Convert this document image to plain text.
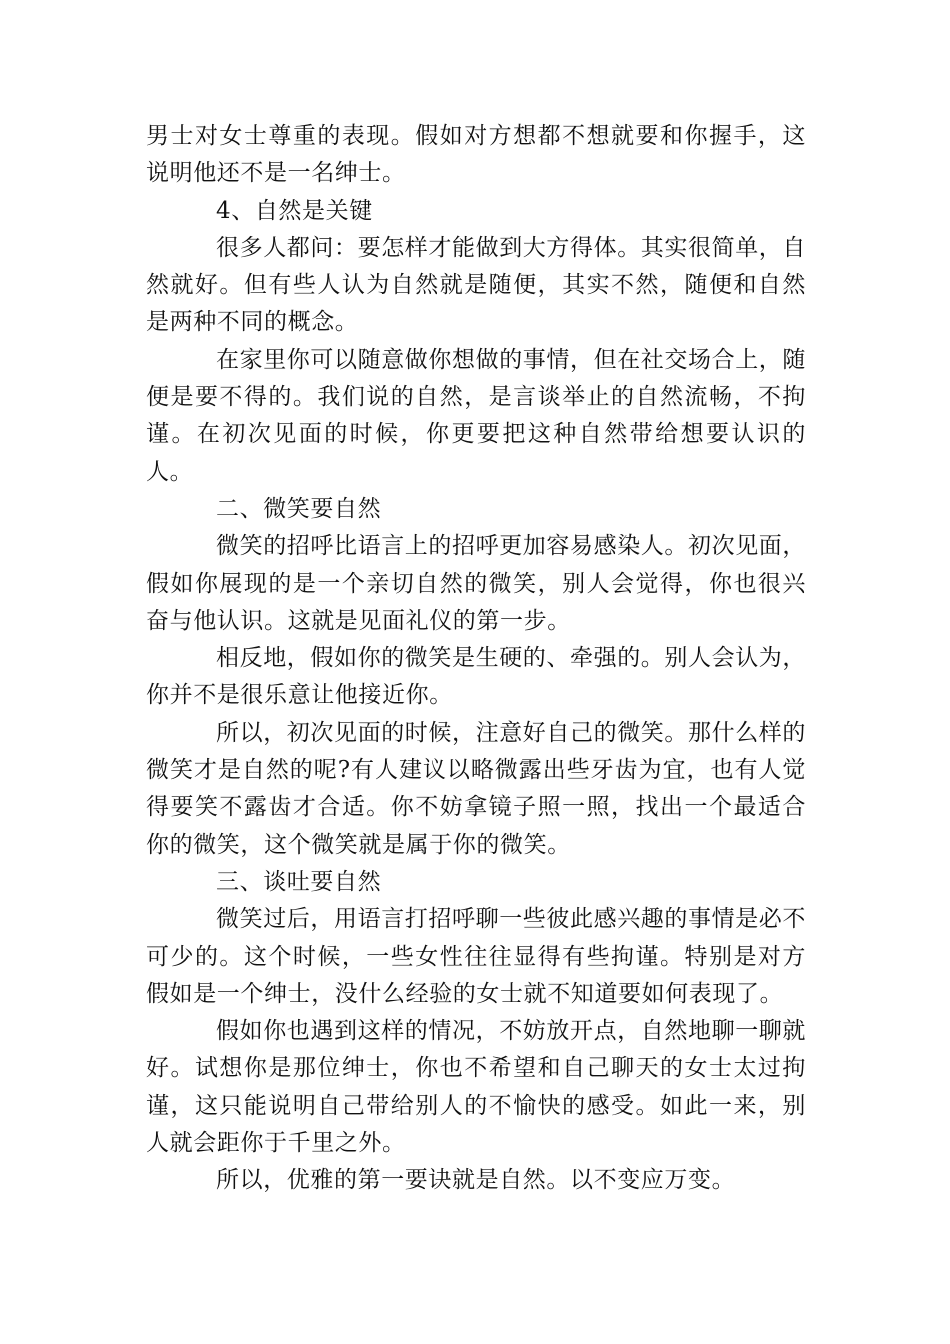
男士对女士尊重的表现。假如对方想都不想就要和你握手，这说明他还不是一名绅士。

4、自然是关键

很多人都问：要怎样才能做到大方得体。其实很简单，自然就好。但有些人认为自然就是随便，其实不然，随便和自然是两种不同的概念。

在家里你可以随意做你想做的事情，但在社交场合上，随便是要不得的。我们说的自然，是言谈举止的自然流畅，不拘谨。在初次见面的时候，你更要把这种自然带给想要认识的人。

二、微笑要自然

微笑的招呼比语言上的招呼更加容易感染人。初次见面，假如你展现的是一个亲切自然的微笑，别人会觉得，你也很兴奋与他认识。这就是见面礼仪的第一步。

相反地，假如你的微笑是生硬的、牵强的。别人会认为，你并不是很乐意让他接近你。

所以，初次见面的时候，注意好自己的微笑。那什么样的微笑才是自然的呢?有人建议以略微露出些牙齿为宜，也有人觉得要笑不露齿才合适。你不妨拿镜子照一照，找出一个最适合你的微笑，这个微笑就是属于你的微笑。

三、谈吐要自然

微笑过后，用语言打招呼聊一些彼此感兴趣的事情是必不可少的。这个时候，一些女性往往显得有些拘谨。特别是对方假如是一个绅士，没什么经验的女士就不知道要如何表现了。

假如你也遇到这样的情况，不妨放开点，自然地聊一聊就好。试想你是那位绅士，你也不希望和自己聊天的女士太过拘谨，这只能说明自己带给别人的不愉快的感受。如此一来，别人就会距你于千里之外。

所以，优雅的第一要诀就是自然。以不变应万变。
